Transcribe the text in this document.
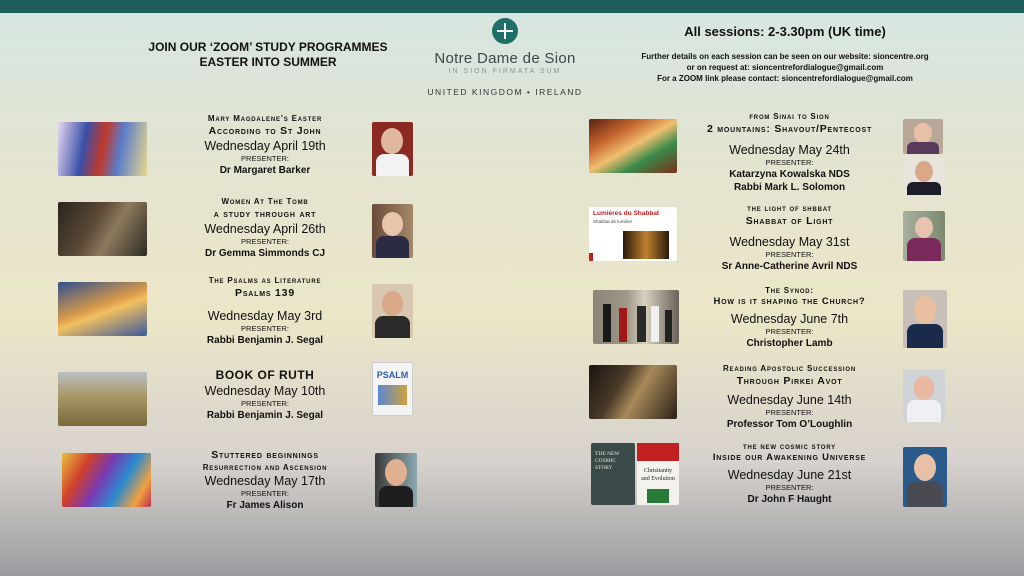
JOIN OUR ‘ZOOM’ STUDY PROGRAMMES
EASTER INTO SUMMER	Notre Dame de Sion
IN SION FIRMATA SUM
UNITED KINGDOM • IRELAND
All sessions: 2-3.30pm (UK time)
Further details on each session can be seen on our website: sioncentre.org
or on request at: sioncentrefordialogue@gmail.com
For a ZOOM link please contact: sioncentrefordialogue@gmail.com
Mary Magdalene’s Easter
According to St John
Wednesday April 19th
PRESENTER:
Dr Margaret Barker
Women At The Tomb
a study through art
Wednesday April 26th
PRESENTER:
Dr Gemma Simmonds CJ
The Psalms as Literature
Psalms 139
Wednesday May 3rd
PRESENTER:
Rabbi Benjamin J. Segal
BOOK OF RUTH
Wednesday May 10th
PRESENTER:
Rabbi Benjamin J. Segal
PSALM
Stuttered beginnings
Resurrection and Ascension
Wednesday May 17th
PRESENTER:
Fr James Alison
from Sinai to Sion
2 mountains: Shavout/Pentecost
Wednesday May 24th
PRESENTER:
Katarzyna Kowalska NDS
Rabbi Mark L. Solomon
Lumières du Shabbat
Shabbat de lumière
the light of shbbat
Shabbat of Light
Wednesday May 31st
PRESENTER:
Sr Anne-Catherine Avril NDS
The Synod:
How is it shaping the Church?
Wednesday June 7th
PRESENTER:
Christopher Lamb
Reading Apostolic Succession
Through Pirkei Avot
Wednesday June 14th
PRESENTER:
Professor Tom O’Loughlin
THE NEW COSMIC STORY	Christianity and Evolution
the new cosmic story
Inside our Awakening Universe
Wednesday June 21st
PRESENTER:
Dr John F Haught
